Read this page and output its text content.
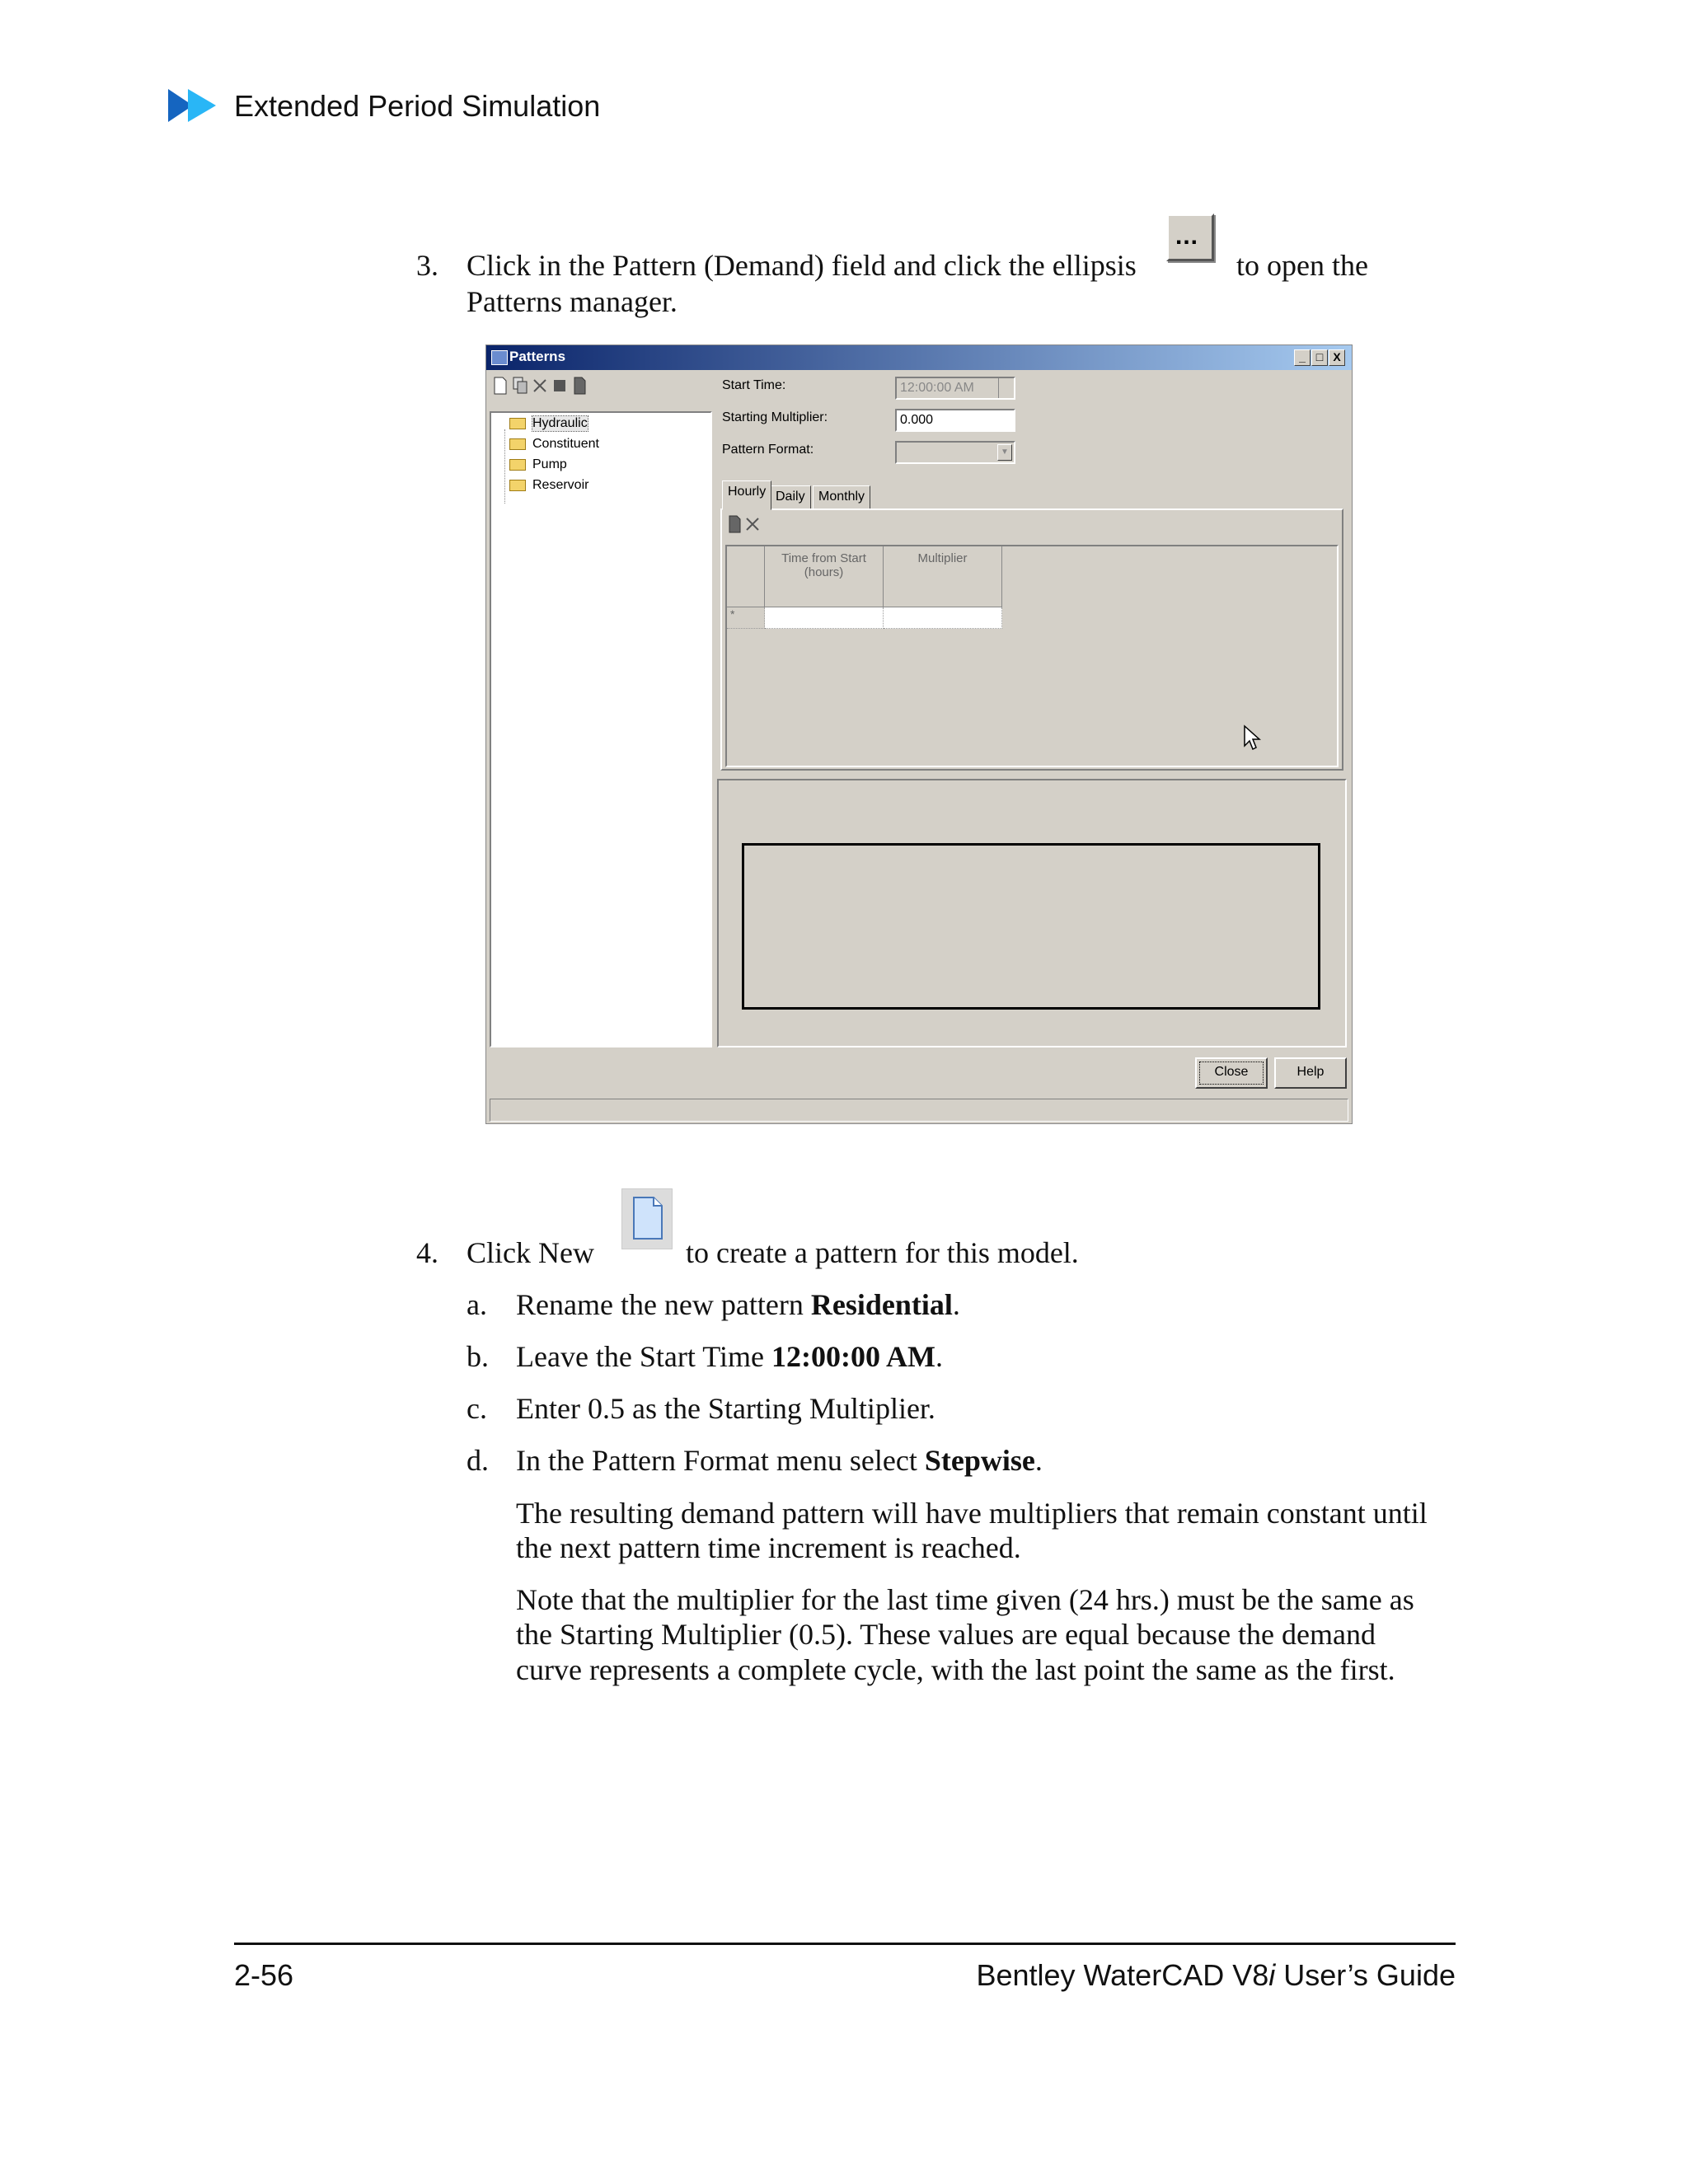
Extended Period Simulation
3. Click in the Pattern (Demand) field and click the ellipsis
...
to open the
Patterns manager.
Patterns	_ □ X
Hydraulic
Constituent
Pump
Reservoir
Start Time:	12:00:00 AM
Starting Multiplier:	0.000
Pattern Format:	▼
Hourly Daily	Monthly
Time from Start (hours)
Multiplier
*
Close	Help
4. Click New	to create a pattern for this model.
a. Rename the new pattern Residential.
b. Leave the Start Time 12:00:00 AM.
c. Enter 0.5 as the Starting Multiplier.
d. In the Pattern Format menu select Stepwise.
The resulting demand pattern will have multipliers that remain constant until
the next pattern time increment is reached.
Note that the multiplier for the last time given (24 hrs.) must be the same as
the Starting Multiplier (0.5). These values are equal because the demand
curve represents a complete cycle, with the last point the same as the first.
2-56	Bentley WaterCAD V8i User’s Guide
